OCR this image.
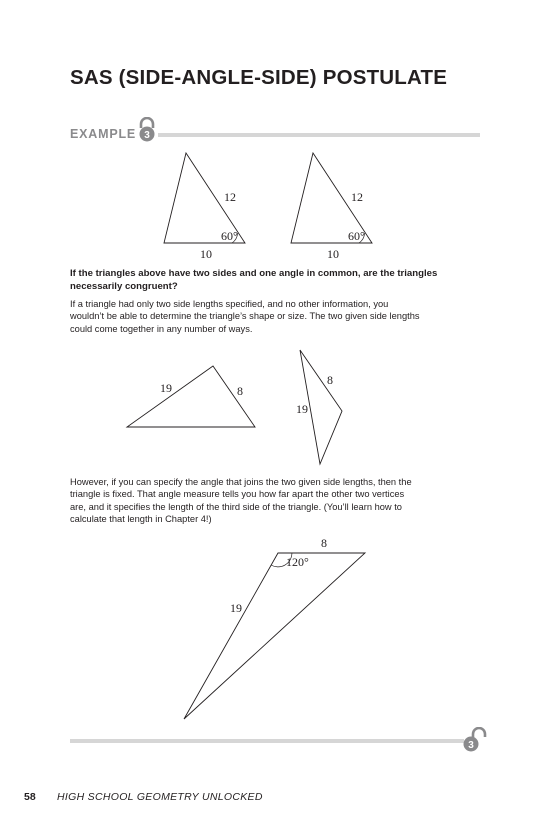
SAS (SIDE-ANGLE-SIDE) POSTULATE
EXAMPLE 3
12
60°
10
12
60°
10

If the triangles above have two sides and one angle in common, are the triangles
necessarily congruent?

If a triangle had only two side lengths specified, and no other information, you
wouldn’t be able to determine the triangle’s shape or size. The two given side lengths
could come together in any number of ways.

19	8
8
19

However, if you can specify the angle that joins the two given side lengths, then the
triangle is fixed. That angle measure tells you how far apart the other two vertices
are, and it specifies the length of the third side of the triangle. (You’ll learn how to
calculate that length in Chapter 4!)

8
120°
19
3
58 HIGH SCHOOL GEOMETRY UNLOCKED
